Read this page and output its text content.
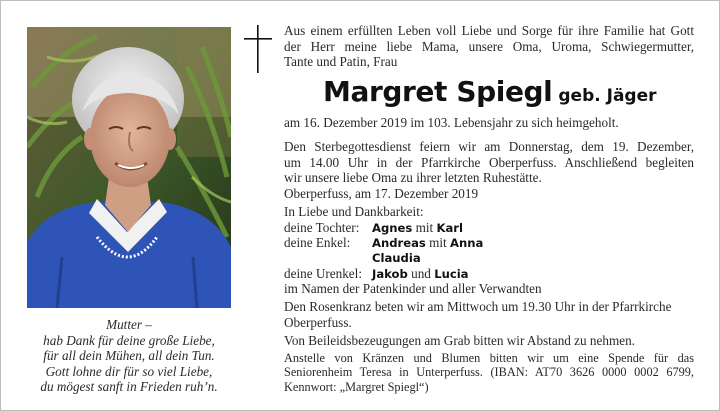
Mutter –
hab Dank für deine große Liebe,
für all dein Mühen, all dein Tun.
Gott lohne dir für so viel Liebe,
du mögest sanft in Frieden ruh’n.
Aus einem erfüllten Leben voll Liebe und Sorge für ihre Familie hat Gott
der Herr meine liebe Mama, unsere Oma, Uroma, Schwiegermutter,
Tante und Patin, Frau
Margret Spiegl geb. Jäger
am 16. Dezember 2019 im 103. Lebensjahr zu sich heimgeholt.
Den Sterbegottesdienst feiern wir am Donnerstag, dem 19. Dezember,
um 14.00 Uhr in der Pfarrkirche Oberperfuss. Anschließend begleiten
wir unsere liebe Oma zu ihrer letzten Ruhestätte.
Oberperfuss, am 17. Dezember 2019
In Liebe und Dankbarkeit:
deine Tochter: Agnes mit Karl
deine Enkel: Andreas mit Anna
Claudia
deine Urenkel: Jakob und Lucia
im Namen der Patenkinder und aller Verwandten
Den Rosenkranz beten wir am Mittwoch um 19.30 Uhr in der Pfarrkirche
Oberperfuss.
Von Beileidsbezeugungen am Grab bitten wir Abstand zu nehmen.
Anstelle von Kränzen und Blumen bitten wir um eine Spende für das
Seniorenheim Teresa in Unterperfuss. (IBAN: AT70 3626 0000 0002 6799,
Kennwort: „Margret Spiegl“)
